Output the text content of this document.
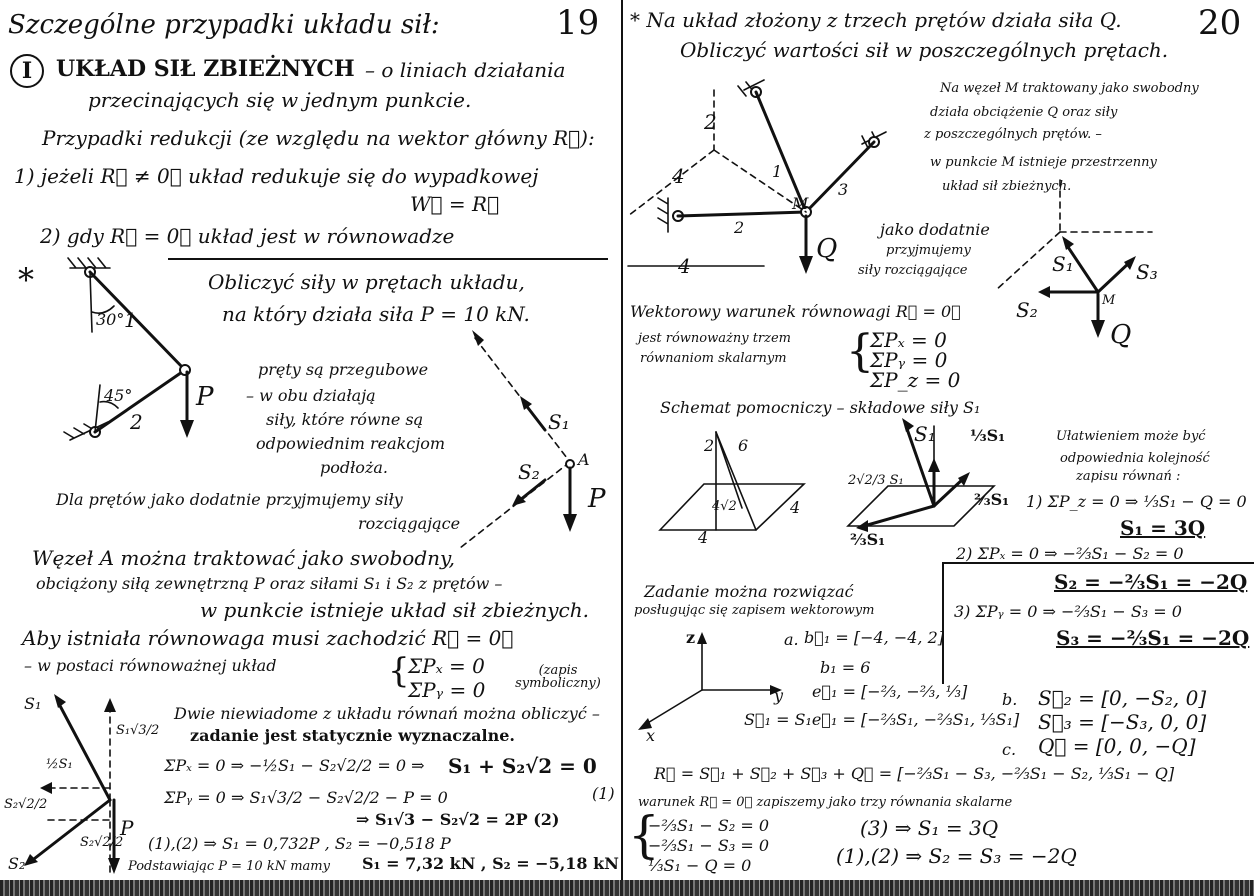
Szczególne przypadki układu sił:	19
I	UKŁAD SIŁ ZBIEŻNYCH – o liniach działania
przecinających się w jednym punkcie.
Przypadki redukcji (ze względu na wektor główny R⃗):
1) jeżeli R⃗ ≠ 0⃗ układ redukuje się do wypadkowej
W⃗ = R⃗
2) gdy R⃗ = 0⃗ układ jest w równowadze
*	Obliczyć siły w prętach układu,
na który działa siła P = 10 kN.
1
30°
45°
2
P
pręty są przegubowe
– w obu działają
siły, które równe są
odpowiednim reakcjom
podłoża.
S₁
S₂
A
P
Dla prętów jako dodatnie przyjmujemy siły
rozciągające
Węzeł A można traktować jako swobodny,
obciążony siłą zewnętrzną P oraz siłami S₁ i S₂ z prętów –
w punkcie istnieje układ sił zbieżnych.
Aby istniała równowaga musi zachodzić R⃗ = 0⃗
– w postaci równoważnej układ	{
ΣPₓ = 0
ΣPᵧ = 0
(zapis symboliczny)
S₁
S₁√3/2
½S₁
S₂√2/2
S₂
S₂√2/2
P
Dwie niewiadome z układu równań można obliczyć –
zadanie jest statycznie wyznaczalne.
ΣPₓ = 0 ⇒ −½S₁ − S₂√2/2 = 0 ⇒ S₁ + S₂√2 = 0
(1)
ΣPᵧ = 0 ⇒ S₁√3/2 − S₂√2/2 − P = 0
⇒ S₁√3 − S₂√2 = 2P (2)
(1),(2) ⇒ S₁ = 0,732P , S₂ = −0,518 P
Podstawiając P = 10 kN mamy S₁ = 7,32 kN , S₂ = −5,18 kN
* Na układ złożony z trzech prętów działa siła Q. 20
Obliczyć wartości sił w poszczególnych prętach.
2
4
4
1
2
3
M
Q
Na węzeł M traktowany jako swobodny
działa obciążenie Q oraz siły
z poszczególnych prętów. –
w punkcie M istnieje przestrzenny
układ sił zbieżnych.
jako dodatnie
przyjmujemy
siły rozciągające	S₁
S₂
S₃
M
Q
Wektorowy warunek równowagi R⃗ = 0⃗
jest równoważny trzem
równaniom skalarnym {
ΣPₓ = 0
ΣPᵧ = 0
ΣP_z = 0
Schemat pomocniczy – składowe siły S₁
2 6
4√2	4
4
2√2/3 S₁
S₁ ⅓S₁
⅔S₁
⅔S₁
Ułatwieniem może być
odpowiednia kolejność
zapisu równań :
1) ΣP_z = 0 ⇒ ⅓S₁ − Q = 0
S₁ = 3Q
2) ΣPₓ = 0 ⇒ −⅔S₁ − S₂ = 0
S₂ = −⅔S₁ = −2Q
3) ΣPᵧ = 0 ⇒ −⅔S₁ − S₃ = 0
S₃ = −⅔S₁ = −2Q
Zadanie można rozwiązać
posługując się zapisem wektorowym
z
y
x
a. b⃗₁ = [−4, −4, 2]
b₁ = 6
e⃗₁ = [−⅔, −⅔, ⅓]
S⃗₁ = S₁e⃗₁ = [−⅔S₁, −⅔S₁, ⅓S₁]
b. S⃗₂ = [0, −S₂, 0]
S⃗₃ = [−S₃, 0, 0]
c. Q⃗ = [0, 0, −Q]
R⃗ = S⃗₁ + S⃗₂ + S⃗₃ + Q⃗ = [−⅔S₁ − S₃, −⅔S₁ − S₂, ⅓S₁ − Q]
warunek R⃗ = 0⃗ zapiszemy jako trzy równania skalarne
{
−⅔S₁ − S₂ = 0
−⅔S₁ − S₃ = 0
⅓S₁ − Q = 0
(3) ⇒ S₁ = 3Q
(1),(2) ⇒ S₂ = S₃ = −2Q
